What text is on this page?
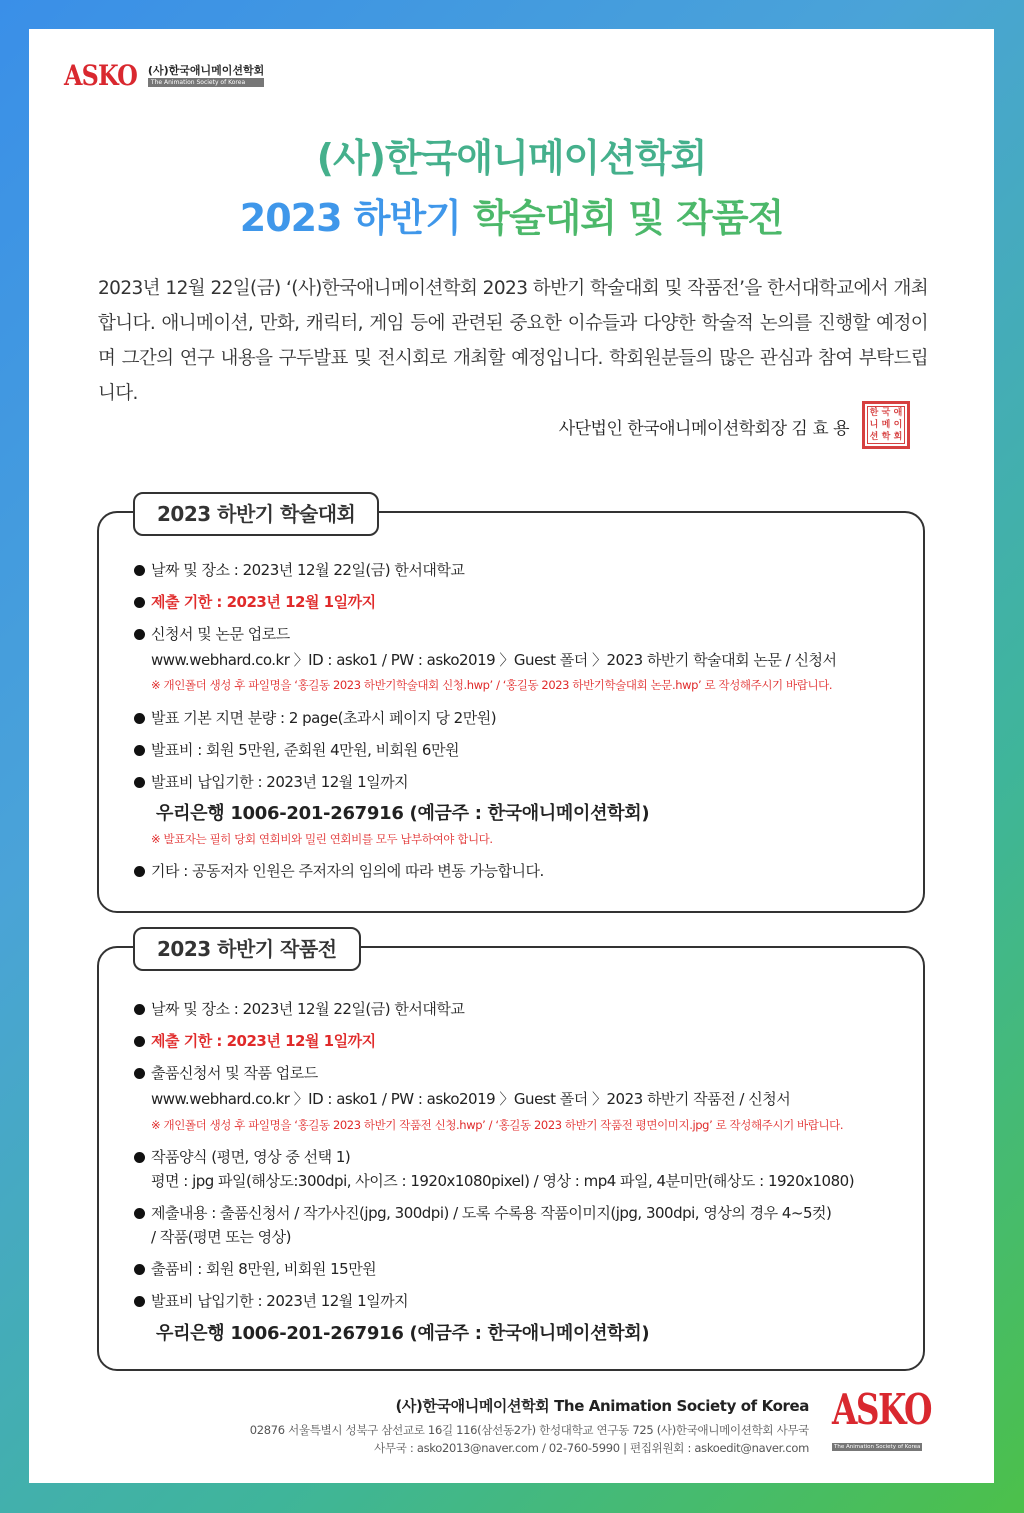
ASKO (사)한국애니메이션학회
The Animation Society of Korea
(사)한국애니메이션학회
2023 하반기 학술대회 및 작품전

2023년 12월 22일(금) ‘(사)한국애니메이션학회 2023 하반기 학술대회 및 작품전’을 한서대학교에서 개최합니다. 애니메이션, 만화, 캐릭터, 게임 등에 관련된 중요한 이슈들과 다양한 학술적 논의를 진행할 예정이며 그간의 연구 내용을 구두발표 및 전시회로 개최할 예정입니다. 학회원분들의 많은 관심과 참여 부탁드립니다.

사단법인 한국애니메이션학회장 김 효 용
한 국 애
니 메 이
션 학 회
2023 하반기 학술대회
날짜 및 장소 : 2023년 12월 22일(금) 한서대학교
제출 기한 : 2023년 12월 1일까지
신청서 및 논문 업로드
www.webhard.co.kr 〉ID : asko1 / PW : asko2019 〉Guest 폴더 〉2023 하반기 학술대회 논문 / 신청서
※ 개인폴더 생성 후 파일명을 ‘홍길동 2023 하반기학술대회 신청.hwp’ / ‘홍길동 2023 하반기학술대회 논문.hwp’ 로 작성해주시기 바랍니다.
발표 기본 지면 분량 : 2 page(초과시 페이지 당 2만원)
발표비 : 회원 5만원, 준회원 4만원, 비회원 6만원
발표비 납입기한 : 2023년 12월 1일까지
우리은행 1006-201-267916 (예금주 : 한국애니메이션학회)
※ 발표자는 필히 당회 연회비와 밀린 연회비를 모두 납부하여야 합니다.
기타 : 공동저자 인원은 주저자의 임의에 따라 변동 가능합니다.
2023 하반기 작품전
날짜 및 장소 : 2023년 12월 22일(금) 한서대학교
제출 기한 : 2023년 12월 1일까지
출품신청서 및 작품 업로드
www.webhard.co.kr 〉ID : asko1 / PW : asko2019 〉Guest 폴더 〉2023 하반기 작품전 / 신청서
※ 개인폴더 생성 후 파일명을 ‘홍길동 2023 하반기 작품전 신청.hwp’ / ‘홍길동 2023 하반기 작품전 평면이미지.jpg’ 로 작성해주시기 바랍니다.
작품양식 (평면, 영상 중 선택 1)
평면 : jpg 파일(해상도:300dpi, 사이즈 : 1920x1080pixel) / 영상 : mp4 파일, 4분미만(해상도 : 1920x1080)
제출내용 : 출품신청서 / 작가사진(jpg, 300dpi) / 도록 수록용 작품이미지(jpg, 300dpi, 영상의 경우 4~5컷)
/ 작품(평면 또는 영상)
출품비 : 회원 8만원, 비회원 15만원
발표비 납입기한 : 2023년 12월 1일까지
우리은행 1006-201-267916 (예금주 : 한국애니메이션학회)
(사)한국애니메이션학회 The Animation Society of Korea
02876 서울특별시 성북구 삼선교로 16길 116(삼선동2가) 한성대학교 연구동 725 (사)한국애니메이션학회 사무국
사무국 : asko2013@naver.com / 02-760-5990 | 편집위원회 : askoedit@naver.com
ASKO
The Animation Society of Korea
